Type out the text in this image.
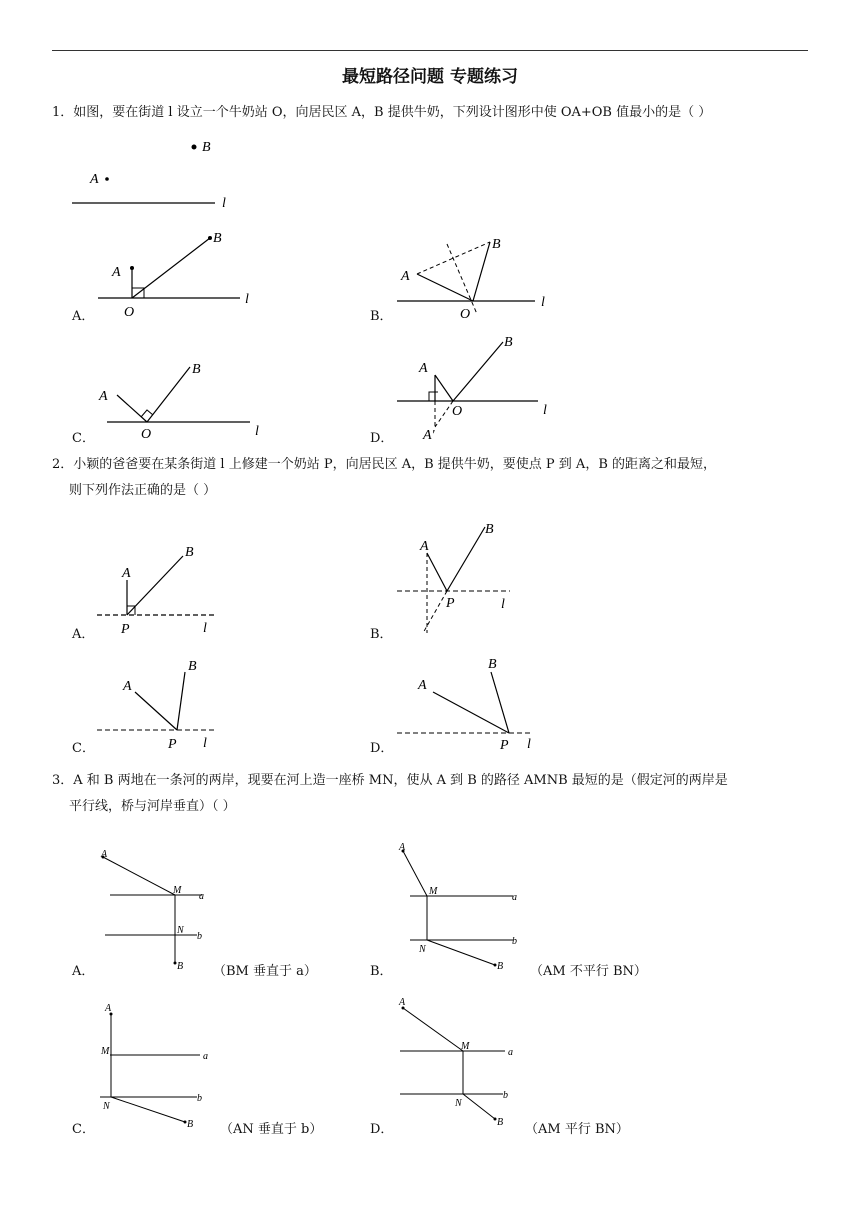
最短路径问题 专题练习
1．如图，要在街道 l 设立一个牛奶站 O，向居民区 A，B 提供牛奶，下列设计图形中使 OA+OB 值最小的是（ ）
B
A
l
A．
l
A
B
O	B．
l
A
B
O
C．	l
A
B
O	D．
l
A
B
O
A'
2．小颖的爸爸要在某条街道 l 上修建一个奶站 P，向居民区 A，B 提供牛奶，要使点 P 到 A，B 的距离之和最短，
则下列作法正确的是（ ）
A．	l
A
B
P	B．
l
A
B
P
C．	l
A
B
P	D．	l
A
B
P
3．A 和 B 两地在一条河的两岸，现要在河上造一座桥 MN，使从 A 到 B 的路径 AMNB 最短的是（假定河的两岸是
平行线，桥与河岸垂直）（ ）
A．
a
b
A
M
N
B （BM 垂直于 a）	B．
a
b
A
M
N
B （AM 不平行 BN）
C．
a
b
A
M
N
B （AN 垂直于 b）	D．
a
b
A
M
N
B （AM 平行 BN）
